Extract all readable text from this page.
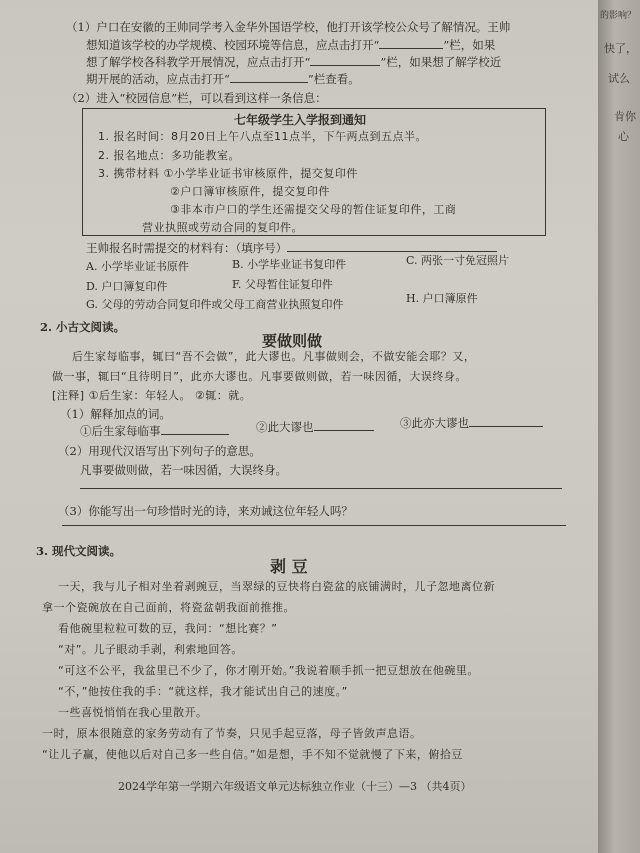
（1）户口在安徽的王帅同学考入金华外国语学校，他打开该学校公众号了解情况。王帅
想知道该学校的办学规模、校园环境等信息，应点击打开“	”栏，如果
想了解学校各科教学开展情况，应点击打开“	”栏，如果想了解学校近
期开展的活动，应点击打开“	”栏查看。
（2）进入“校园信息”栏，可以看到这样一条信息：
七年级学生入学报到通知
1. 报名时间：8月20日上午八点至11点半，下午两点到五点半。
2. 报名地点：多功能教室。
3. 携带材料 ①小学毕业证书审核原件，提交复印件
②户口簿审核原件，提交复印件
③非本市户口的学生还需提交父母的暂住证复印件，工商
营业执照或劳动合同的复印件。
王帅报名时需提交的材料有：（填序号）
A. 小学毕业证书原件	B. 小学毕业证书复印件	C. 两张一寸免冠照片
D. 户口簿复印件	F. 父母暂住证复印件
G. 父母的劳动合同复印件或父母工商营业执照复印件	H. 户口簿原件
2. 小古文阅读。
要做则做
后生家每临事，辄曰“吾不会做”，此大谬也。凡事做则会，不做安能会耶？又，
做一事，辄曰“且待明日”，此亦大谬也。凡事要做则做，若一味因循，大误终身。
[注释] ①后生家：年轻人。 ②辄：就。
（1）解释加点的词。
①后生家每临事	②此大谬也	③此亦大谬也
（2）用现代汉语写出下列句子的意思。
凡事要做则做，若一味因循，大误终身。
（3）你能写出一句珍惜时光的诗，来劝诫这位年轻人吗？
3. 现代文阅读。
剥 豆
一天，我与儿子相对坐着剥豌豆，当翠绿的豆快将白瓷盆的底铺满时，儿子忽地离位新
拿一个瓷碗放在自己面前，将瓷盆朝我面前推推。
看他碗里粒粒可数的豆，我问：“想比赛？”
“对”。儿子眼动手剥，利索地回答。
“可这不公平，我盆里已不少了，你才刚开始。”我说着顺手抓一把豆想放在他碗里。
“不，”他按住我的手：“就这样，我才能试出自己的速度。”
一些喜悦悄悄在我心里散开。
一时，原本很随意的家务劳动有了节奏，只见手起豆落，母子皆敛声息语。
“让儿子赢，使他以后对自己多一些自信。”如是想，手不知不觉就慢了下来，俯拾豆
2024学年第一学期六年级语文单元达标独立作业（十三）—3 （共4页）
的影响？
快了，
试么
肯你
心
